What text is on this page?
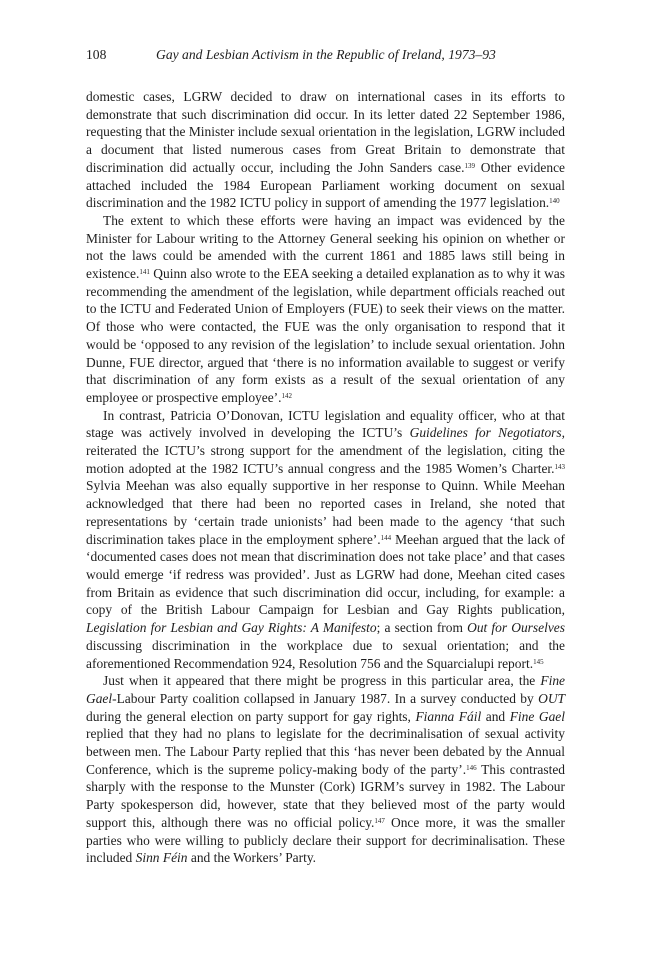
108	Gay and Lesbian Activism in the Republic of Ireland, 1973–93

domestic cases, LGRW decided to draw on international cases in its efforts to demonstrate that such discrimination did occur. In its letter dated 22 September 1986, requesting that the Minister include sexual orientation in the legislation, LGRW included a document that listed numerous cases from Great Britain to demonstrate that discrimination did actually occur, including the John Sanders case.$^{139}$ Other evidence attached included the 1984 European Parliament working document on sexual discrimination and the 1982 ICTU policy in support of amending the 1977 legislation.$^{140}$

The extent to which these efforts were having an impact was evidenced by the Minister for Labour writing to the Attorney General seeking his opinion on whether or not the laws could be amended with the current 1861 and 1885 laws still being in existence.$^{141}$ Quinn also wrote to the EEA seeking a detailed explanation as to why it was recommending the amendment of the legislation, while department officials reached out to the ICTU and Federated Union of Employers (FUE) to seek their views on the matter. Of those who were contacted, the FUE was the only organisation to respond that it would be ‘opposed to any revision of the legislation’ to include sexual orientation. John Dunne, FUE director, argued that ‘there is no information available to suggest or verify that discrimination of any form exists as a result of the sexual orientation of any employee or prospective employee’.$^{142}$

In contrast, Patricia O’Donovan, ICTU legislation and equality officer, who at that stage was actively involved in developing the ICTU’s Guidelines for Negotiators, reiterated the ICTU’s strong support for the amendment of the legislation, citing the motion adopted at the 1982 ICTU’s annual congress and the 1985 Women’s Charter.$^{143}$ Sylvia Meehan was also equally supportive in her response to Quinn. While Meehan acknowledged that there had been no reported cases in Ireland, she noted that representations by ‘certain trade unionists’ had been made to the agency ‘that such discrimination takes place in the employment sphere’.$^{144}$ Meehan argued that the lack of ‘documented cases does not mean that discrimination does not take place’ and that cases would emerge ‘if redress was provided’. Just as LGRW had done, Meehan cited cases from Britain as evidence that such discrimination did occur, including, for example: a copy of the British Labour Campaign for Lesbian and Gay Rights publication, Legislation for Lesbian and Gay Rights: A Manifesto; a section from Out for Ourselves discussing discrimination in the workplace due to sexual orientation; and the aforementioned Recommendation 924, Resolution 756 and the Squarcialupi report.$^{145}$

Just when it appeared that there might be progress in this particular area, the Fine Gael-Labour Party coalition collapsed in January 1987. In a survey conducted by OUT during the general election on party support for gay rights, Fianna Fáil and Fine Gael replied that they had no plans to legislate for the decriminalisation of sexual activity between men. The Labour Party replied that this ‘has never been debated by the Annual Conference, which is the supreme policy-making body of the party’.$^{146}$ This contrasted sharply with the response to the Munster (Cork) IGRM’s survey in 1982. The Labour Party spokesperson did, however, state that they believed most of the party would support this, although there was no official policy.$^{147}$ Once more, it was the smaller parties who were willing to publicly declare their support for decriminalisation. These included Sinn Féin and the Workers’ Party.
